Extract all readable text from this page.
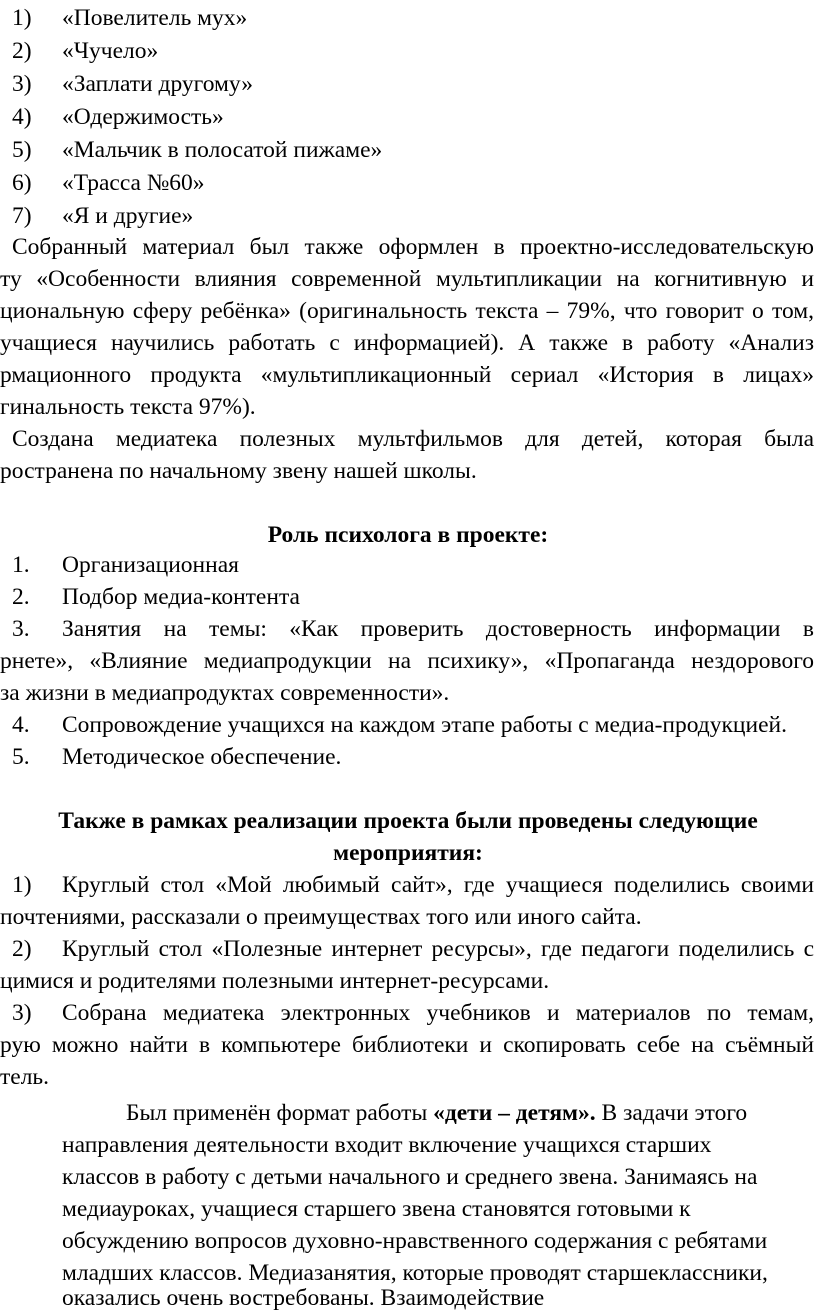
1) «Повелитель мух»
2) «Чучело»
3) «Заплати другому»
4) «Одержимость»
5) «Мальчик в полосатой пижаме»
6) «Трасса №60»
7) «Я и другие»
Собранный материал был также оформлен в проектно-исследовательскую
ту «Особенности влияния современной мультипликации на когнитивную и
циональную сферу ребёнка» (оригинальность текста – 79%, что говорит о том,
учащиеся научились работать с информацией). А также в работу «Анализ
рмационного продукта «мультипликационный сериал «История в лицах»
гинальность текста 97%).
Создана медиатека полезных мультфильмов для детей, которая была
ространена по начальному звену нашей школы.
Роль психолога в проекте:
1. Организационная
2. Подбор медиа-контента
3. Занятия на темы: «Как проверить достоверность информации в
рнете», «Влияние медиапродукции на психику», «Пропаганда нездорового
за жизни в медиапродуктах современности».
4. Сопровождение учащихся на каждом этапе работы с медиа-продукцией.
5. Методическое обеспечение.
Также в рамках реализации проекта были проведены следующие
мероприятия:
1) Круглый стол «Мой любимый сайт», где учащиеся поделились своими
почтениями, рассказали о преимуществах того или иного сайта.
2) Круглый стол «Полезные интернет ресурсы», где педагоги поделились с
цимися и родителями полезными интернет-ресурсами.
3) Собрана медиатека электронных учебников и материалов по темам,
рую можно найти в компьютере библиотеки и скопировать себе на съёмный
тель.
Был применён формат работы «дети – детям». В задачи этого
направления деятельности входит включение учащихся старших
классов в работу с детьми начального и среднего звена. Занимаясь на
медиауроках, учащиеся старшего звена становятся готовыми к
обсуждению вопросов духовно-нравственного содержания с ребятами
младших классов. Медиазанятия, которые проводят старшеклассники,
оказались очень востребованы. Взаимодействие
